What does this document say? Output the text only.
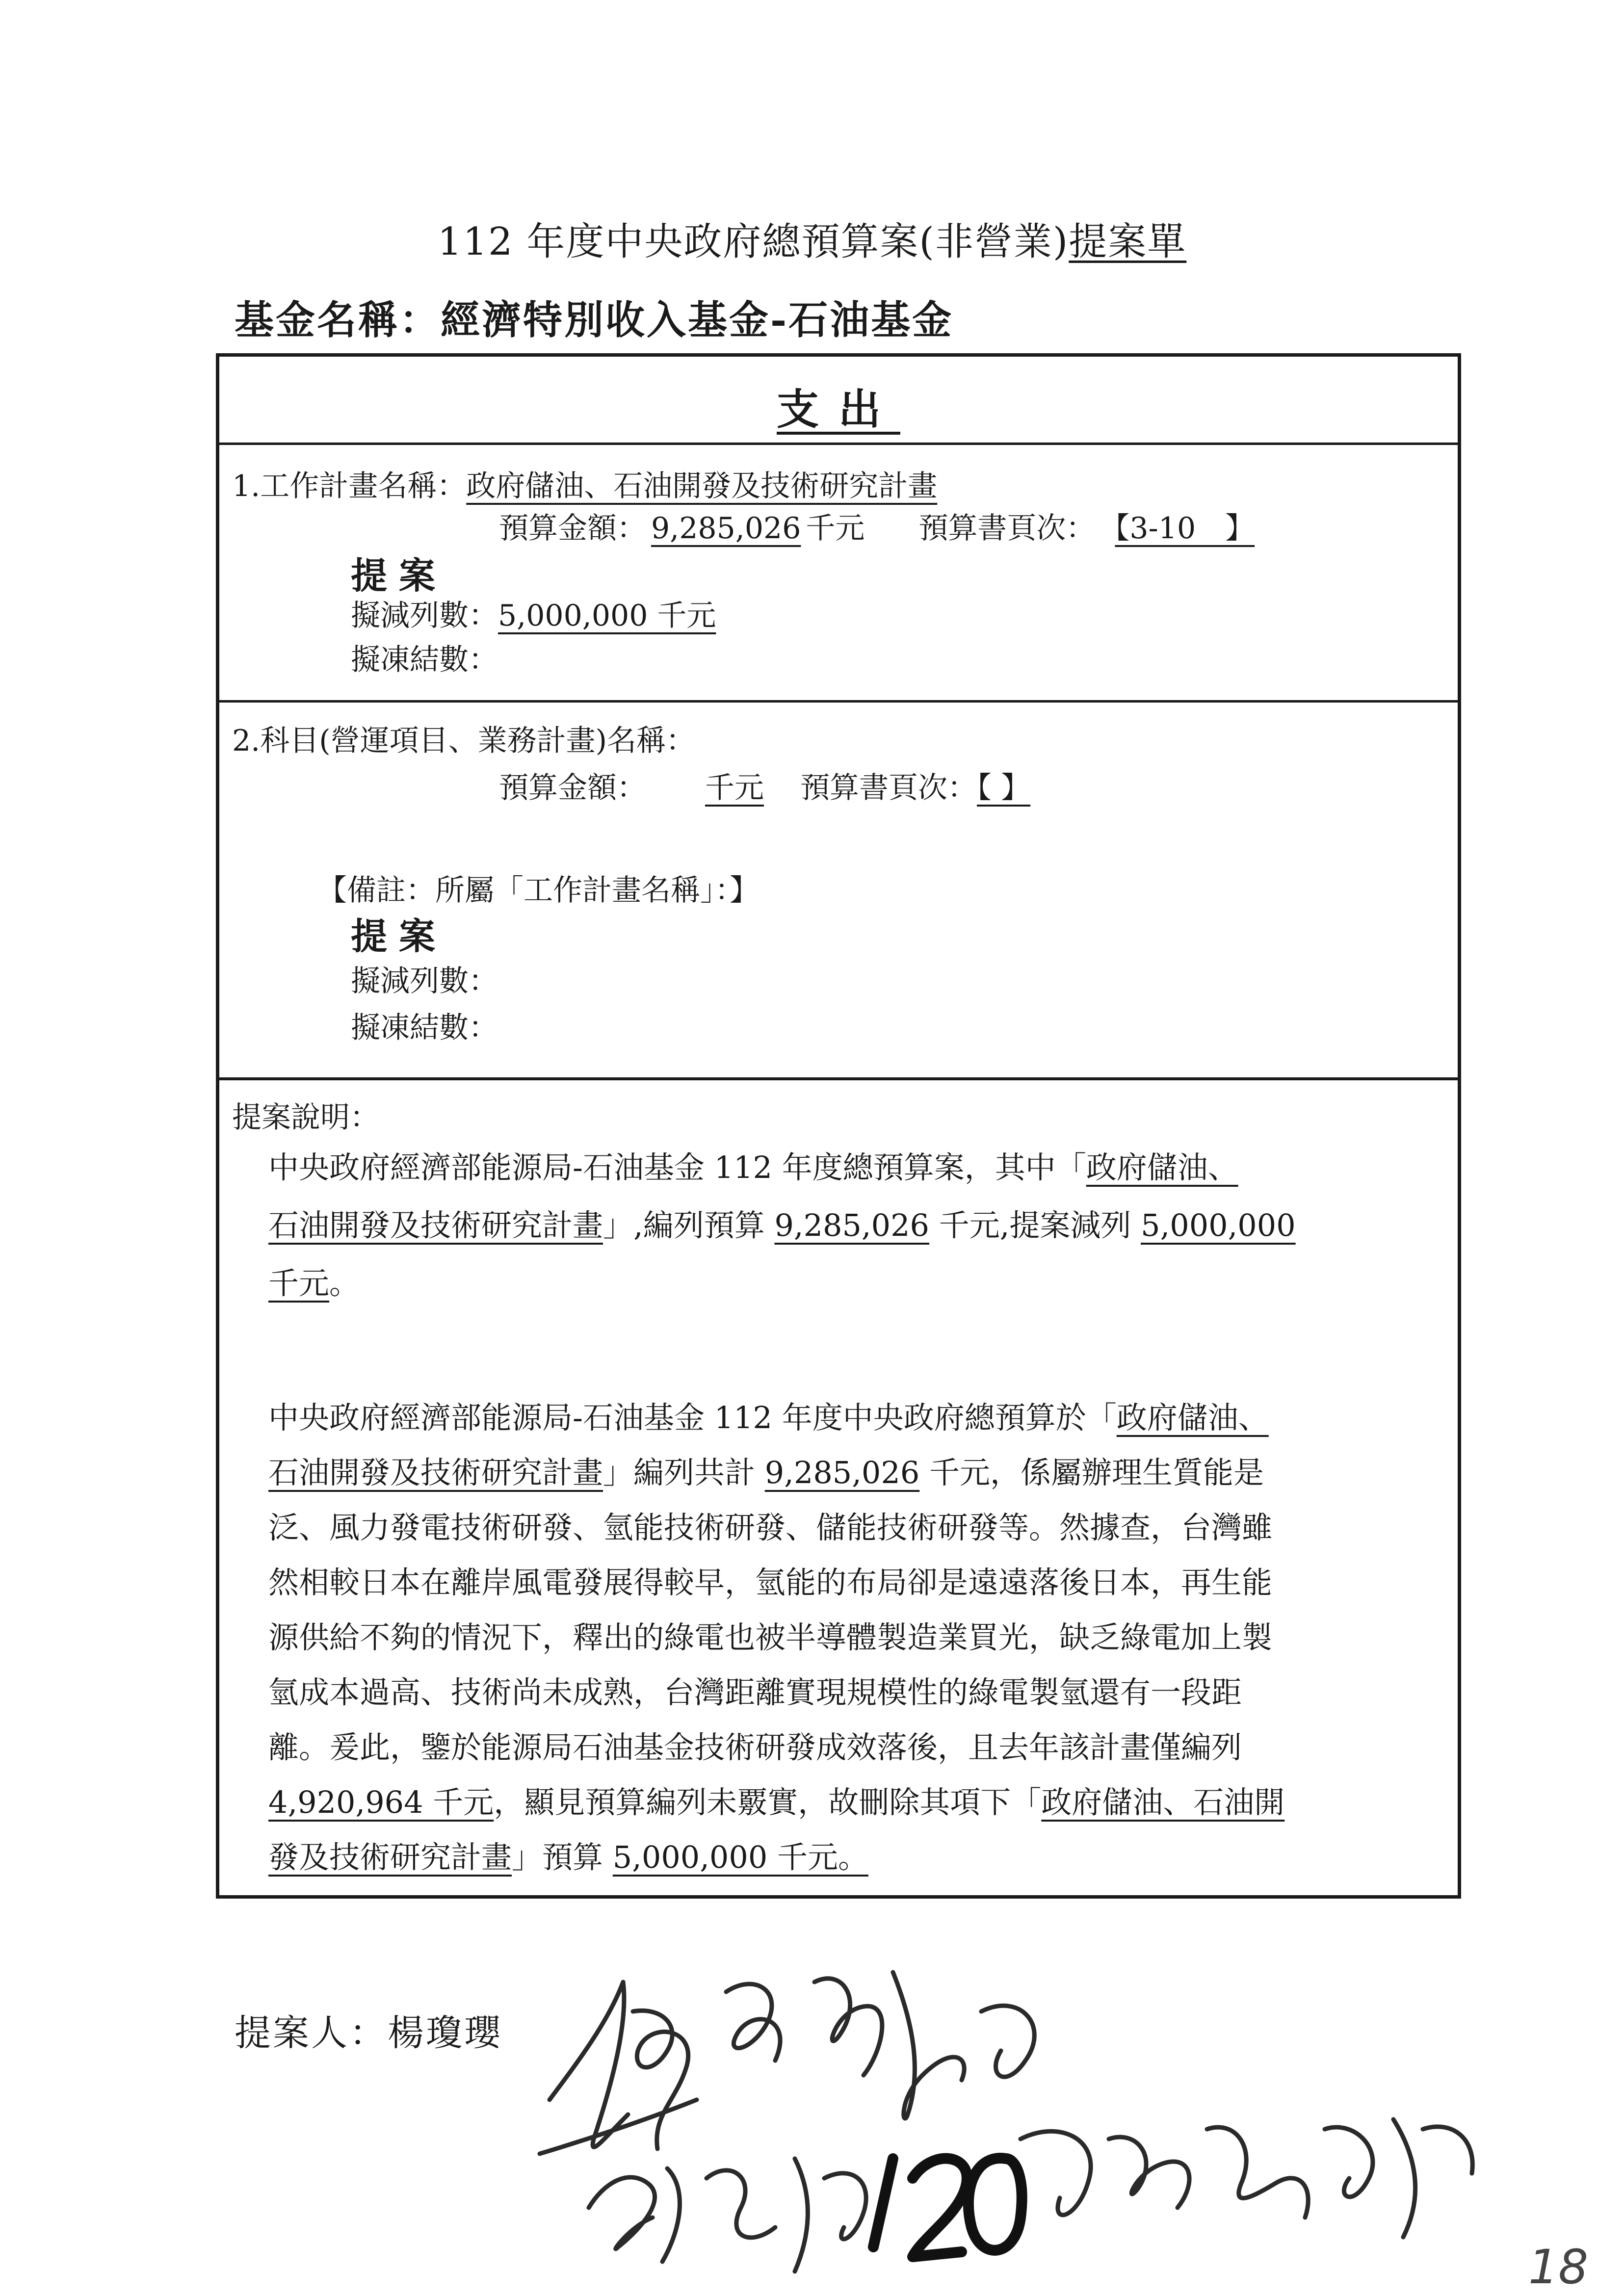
112 年度中央政府總預算案(非營業)提案單
基金名稱：經濟特別收入基金-石油基金
支出
1.工作計畫名稱：政府儲油、石油開發及技術研究計畫
預算金額： 9,285,026 千元 預算書頁次： 【3-10　】
提案
擬減列數：5,000,000 千元
擬凍結數：
2.科目(營運項目、業務計畫)名稱：
預算金額： 千元 預算書頁次：【 】
【備註：所屬「工作計畫名稱」：】
提案
擬減列數：
擬凍結數：
提案說明：
中央政府經濟部能源局-石油基金 112 年度總預算案，其中「政府儲油、
石油開發及技術研究計畫」,編列預算 9,285,026 千元,提案減列 5,000,000
千元。
中央政府經濟部能源局-石油基金 112 年度中央政府總預算於「政府儲油、
石油開發及技術研究計畫」編列共計 9,285,026 千元，係屬辦理生質能是
泛、風力發電技術研發、氫能技術研發、儲能技術研發等。然據查，台灣雖
然相較日本在離岸風電發展得較早，氫能的布局卻是遠遠落後日本，再生能
源供給不夠的情況下，釋出的綠電也被半導體製造業買光，缺乏綠電加上製
氫成本過高、技術尚未成熟，台灣距離實現規模性的綠電製氫還有一段距
離。爰此，鑒於能源局石油基金技術研發成效落後，且去年該計畫僅編列
4,920,964 千元，顯見預算編列未覈實，故刪除其項下「政府儲油、石油開
發及技術研究計畫」預算 5,000,000 千元。
提案人：楊瓊瓔
18
